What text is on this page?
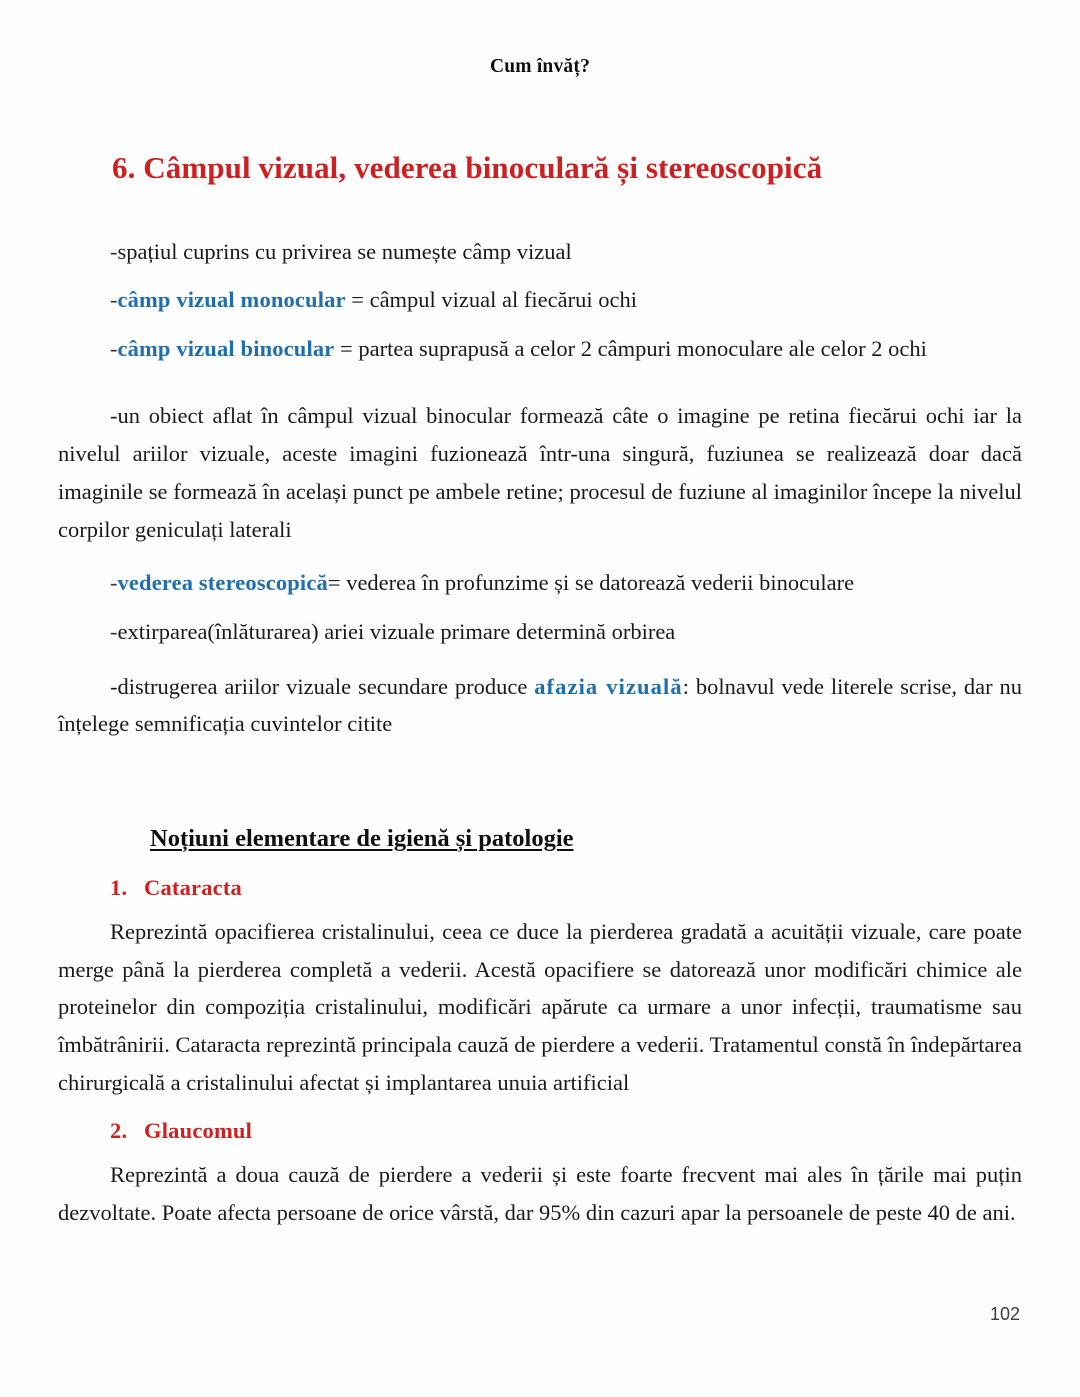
Cum învăț?
6. Câmpul vizual, vederea binoculară și stereoscopică

-spațiul cuprins cu privirea se numește câmp vizual

-câmp vizual monocular = câmpul vizual al fiecărui ochi

-câmp vizual binocular = partea suprapusă a celor 2 câmpuri monoculare ale celor 2 ochi

-un obiect aflat în câmpul vizual binocular formează câte o imagine pe retina fiecărui ochi iar la nivelul ariilor vizuale, aceste imagini fuzionează într-una singură, fuziunea se realizează doar dacă imaginile se formează în același punct pe ambele retine; procesul de fuziune al imaginilor începe la nivelul corpilor geniculați laterali

-vederea stereoscopică= vederea în profunzime și se datorează vederii binoculare

-extirparea(înlăturarea) ariei vizuale primare determină orbirea

-distrugerea ariilor vizuale secundare produce afazia vizuală: bolnavul vede literele scrise, dar nu înțelege semnificația cuvintelor citite

Noțiuni elementare de igienă și patologie
1. Cataracta

Reprezintă opacifierea cristalinului, ceea ce duce la pierderea gradată a acuității vizuale, care poate merge până la pierderea completă a vederii. Acestă opacifiere se datorează unor modificări chimice ale proteinelor din compoziția cristalinului, modificări apărute ca urmare a unor infecții, traumatisme sau îmbătrânirii. Cataracta reprezintă principala cauză de pierdere a vederii. Tratamentul constă în îndepărtarea chirurgicală a cristalinului afectat și implantarea unuia artificial

2. Glaucomul

Reprezintă a doua cauză de pierdere a vederii și este foarte frecvent mai ales în țările mai puțin dezvoltate. Poate afecta persoane de orice vârstă, dar 95% din cazuri apar la persoanele de peste 40 de ani.

102
